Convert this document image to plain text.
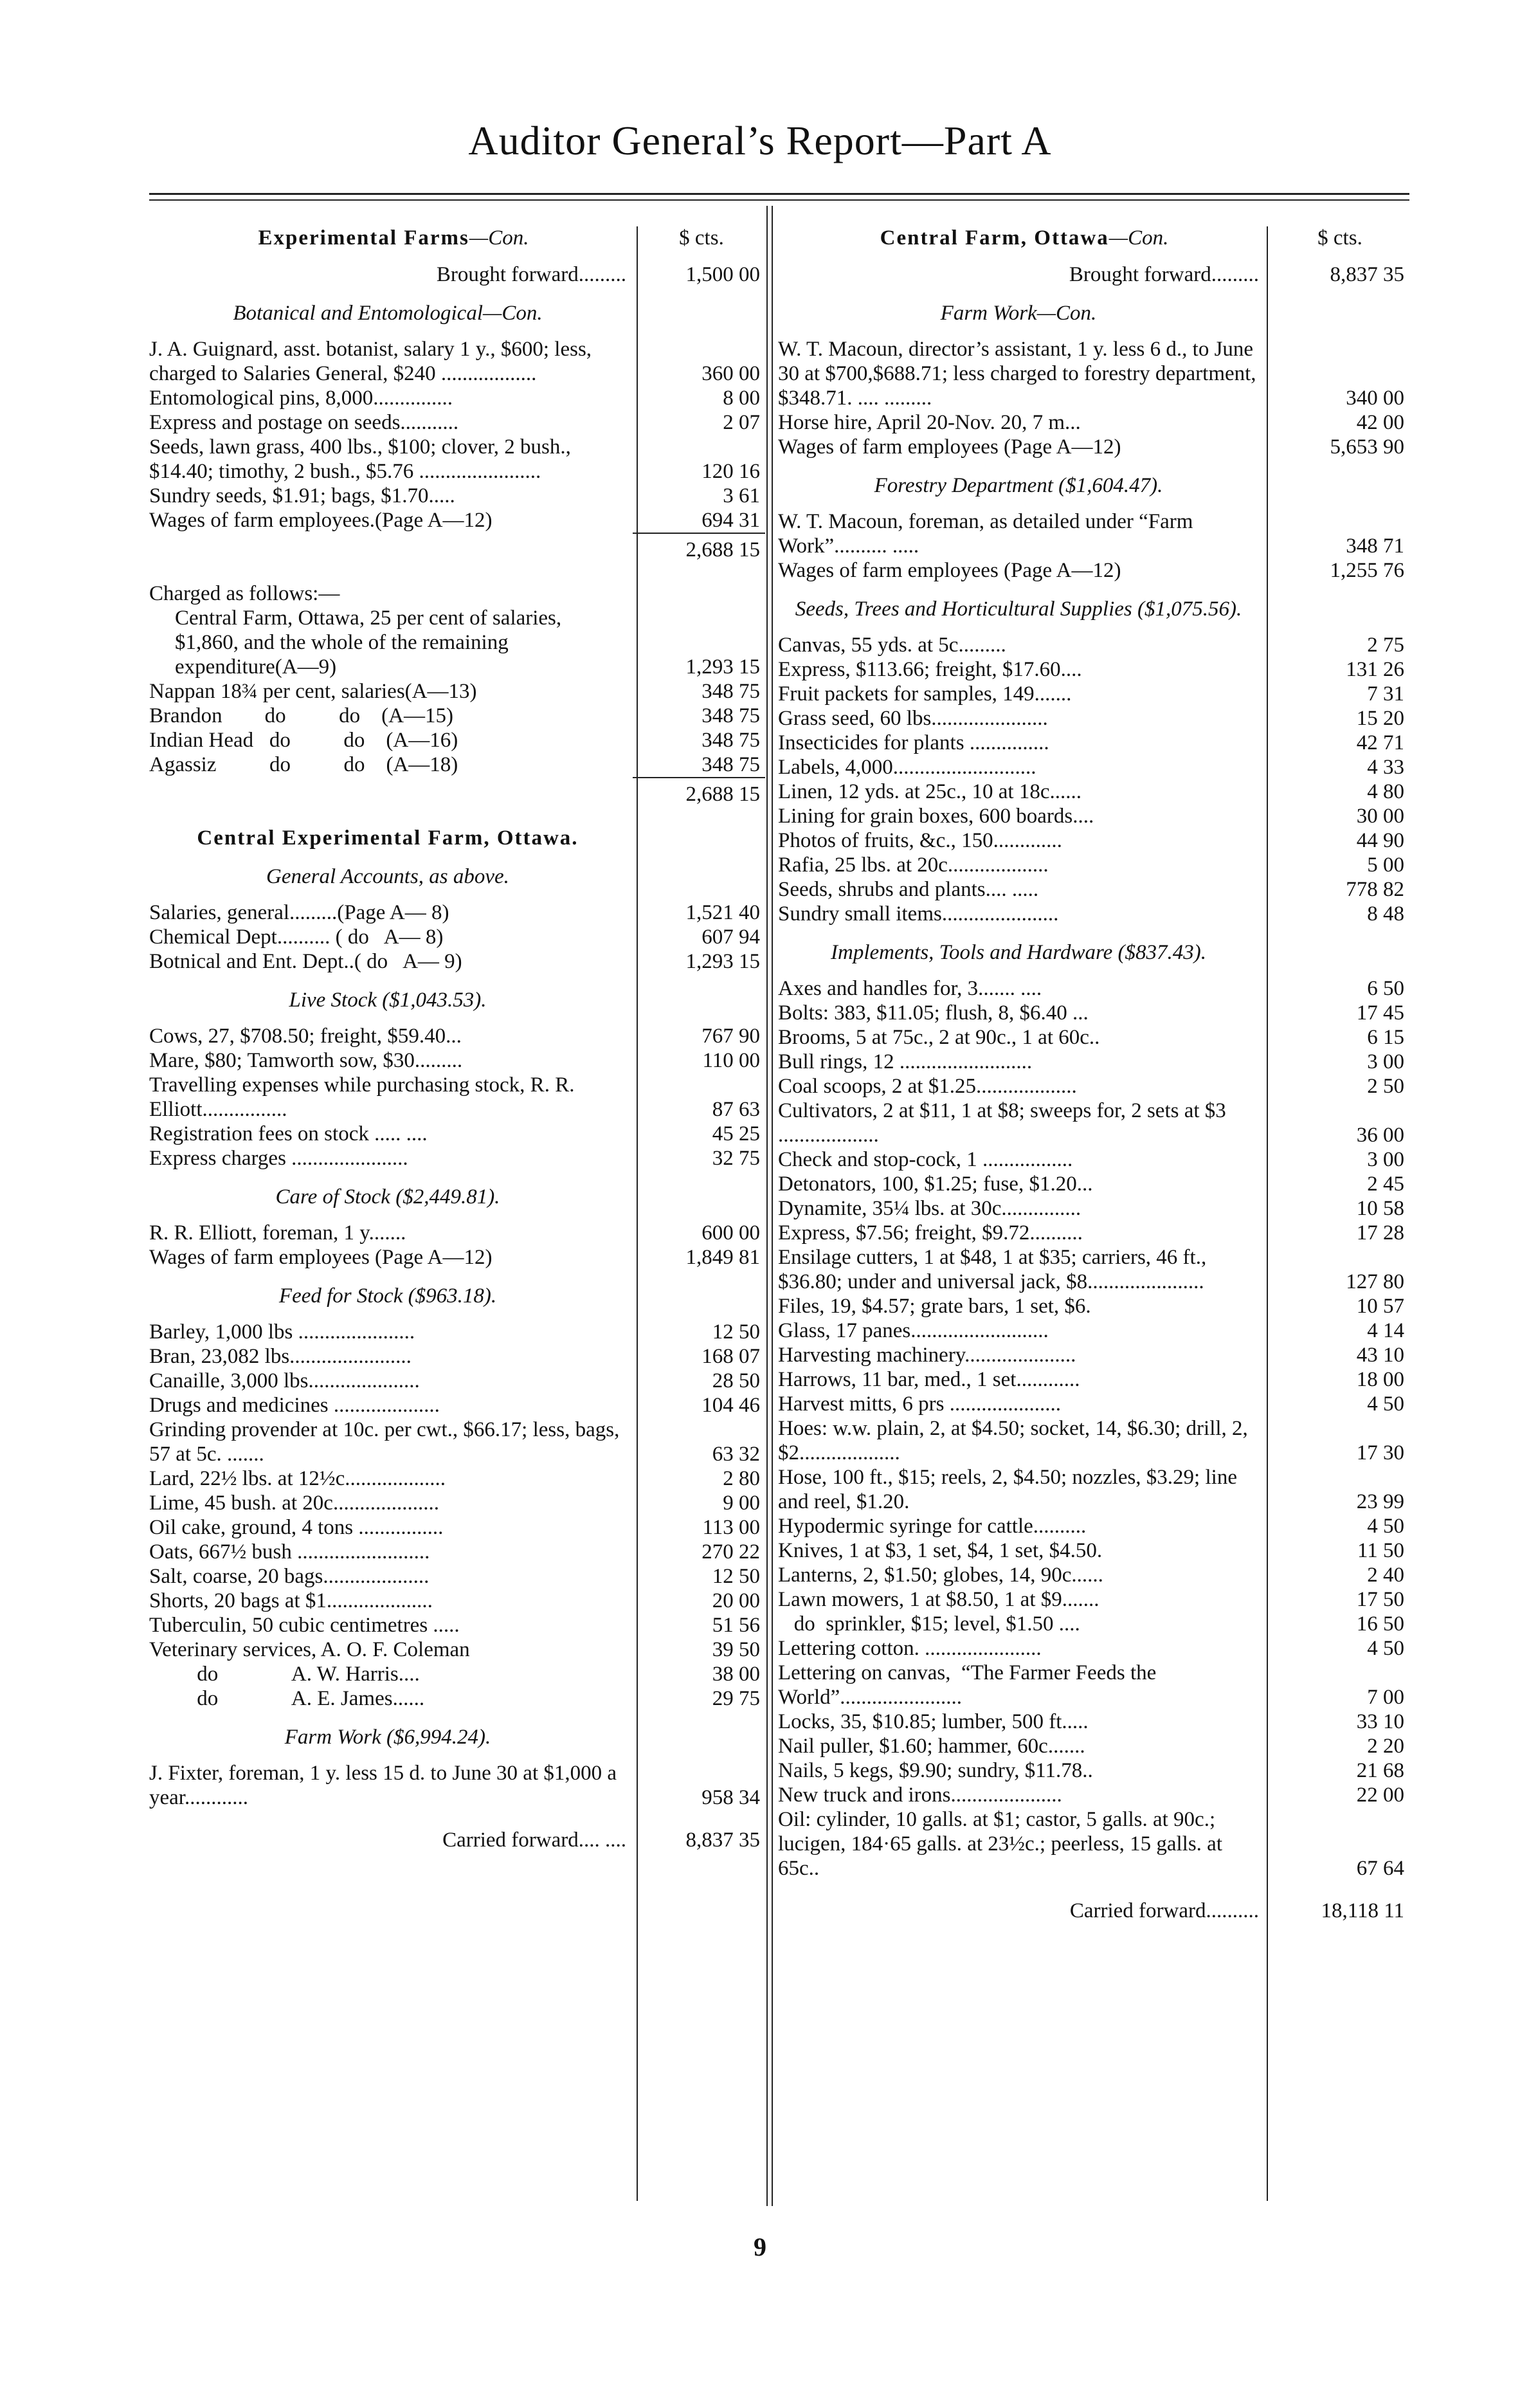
Auditor General’s Report—Part A
Experimental Farms—Con.	$ cts.
Brought forward.........	1,500 00
Botanical and Entomological—Con.
J. A. Guignard, asst. botanist, salary 1 y., $600; less, charged to Salaries General, $240 ..................	360 00
Entomological pins, 8,000...............	8 00
Express and postage on seeds...........	2 07
Seeds, lawn grass, 400 lbs., $100; clover, 2 bush., $14.40; timothy, 2 bush., $5.76 .......................	120 16
Sundry seeds, $1.91; bags, $1.70.....	3 61
Wages of farm employees.(Page A—12)	694 31
2,688 15
Charged as follows:—
Central Farm, Ottawa, 25 per cent of salaries, $1,860, and the whole of the remaining expenditure(A—9)	1,293 15
Nappan 18¾ per cent, salaries(A—13)	348 75
Brandon        do          do    (A—15)	348 75
Indian Head   do          do    (A—16)	348 75
Agassiz          do          do    (A—18)	348 75
2,688 15
Central Experimental Farm, Ottawa.
General Accounts, as above.
Salaries, general.........(Page A— 8)	1,521 40
Chemical Dept.......... ( do   A— 8)	607 94
Botnical and Ent. Dept..( do   A— 9)	1,293 15
Live Stock ($1,043.53).
Cows, 27, $708.50; freight, $59.40...	767 90
Mare, $80; Tamworth sow, $30.........	110 00
Travelling expenses while purchasing stock, R. R. Elliott................	87 63
Registration fees on stock ..... ....	45 25
Express charges ......................	32 75
Care of Stock ($2,449.81).
R. R. Elliott, foreman, 1 y.......	600 00
Wages of farm employees (Page A—12)	1,849 81
Feed for Stock ($963.18).
Barley, 1,000 lbs ......................	12 50
Bran, 23,082 lbs.......................	168 07
Canaille, 3,000 lbs.....................	28 50
Drugs and medicines ....................	104 46
Grinding provender at 10c. per cwt., $66.17; less, bags, 57 at 5c. .......	63 32
Lard, 22½ lbs. at 12½c...................	2 80
Lime, 45 bush. at 20c....................	9 00
Oil cake, ground, 4 tons ................	113 00
Oats, 667½ bush .........................	270 22
Salt, coarse, 20 bags....................	12 50
Shorts, 20 bags at $1....................	20 00
Tuberculin, 50 cubic centimetres .....	51 56
Veterinary services, A. O. F. Coleman	39 50
do              A. W. Harris....	38 00
do              A. E. James......	29 75
Farm Work ($6,994.24).
J. Fixter, foreman, 1 y. less 15 d. to June 30 at $1,000 a year............	958 34
Carried forward.... ....	8,837 35
Central Farm, Ottawa—Con.	$ cts.
Brought forward.........	8,837 35
Farm Work—Con.
W. T. Macoun, director’s assistant, 1 y. less 6 d., to June 30 at $700,$688.71; less charged to forestry department, $348.71. .... .........	340 00
Horse hire, April 20-Nov. 20, 7 m...	42 00
Wages of farm employees (Page A—12)	5,653 90
Forestry Department ($1,604.47).
W. T. Macoun, foreman, as detailed under “Farm Work”.......... .....	348 71
Wages of farm employees (Page A—12)	1,255 76
Seeds, Trees and Horticultural Supplies ($1,075.56).
Canvas, 55 yds. at 5c.........	2 75
Express, $113.66; freight, $17.60....	131 26
Fruit packets for samples, 149.......	7 31
Grass seed, 60 lbs......................	15 20
Insecticides for plants ...............	42 71
Labels, 4,000...........................	4 33
Linen, 12 yds. at 25c., 10 at 18c......	4 80
Lining for grain boxes, 600 boards....	30 00
Photos of fruits, &c., 150.............	44 90
Rafia, 25 lbs. at 20c...................	5 00
Seeds, shrubs and plants.... .....	778 82
Sundry small items......................	8 48
Implements, Tools and Hardware ($837.43).
Axes and handles for, 3....... ....	6 50
Bolts: 383, $11.05; flush, 8, $6.40 ...	17 45
Brooms, 5 at 75c., 2 at 90c., 1 at 60c..	6 15
Bull rings, 12 .........................	3 00
Coal scoops, 2 at $1.25...................	2 50
Cultivators, 2 at $11, 1 at $8; sweeps for, 2 sets at $3 ...................	36 00
Check and stop-cock, 1 .................	3 00
Detonators, 100, $1.25; fuse, $1.20...	2 45
Dynamite, 35¼ lbs. at 30c...............	10 58
Express, $7.56; freight, $9.72..........	17 28
Ensilage cutters, 1 at $48, 1 at $35; carriers, 46 ft., $36.80; under and universal jack, $8......................	127 80
Files, 19, $4.57; grate bars, 1 set, $6.	10 57
Glass, 17 panes..........................	4 14
Harvesting machinery.....................	43 10
Harrows, 11 bar, med., 1 set............	18 00
Harvest mitts, 6 prs .....................	4 50
Hoes: w.w. plain, 2, at $4.50; socket, 14, $6.30; drill, 2, $2...................	17 30
Hose, 100 ft., $15; reels, 2, $4.50; nozzles, $3.29; line and reel, $1.20.	23 99
Hypodermic syringe for cattle..........	4 50
Knives, 1 at $3, 1 set, $4, 1 set, $4.50.	11 50
Lanterns, 2, $1.50; globes, 14, 90c......	2 40
Lawn mowers, 1 at $8.50, 1 at $9.......	17 50
do  sprinkler, $15; level, $1.50 ....	16 50
Lettering cotton. ......................	4 50
Lettering on canvas,  “The Farmer Feeds the World”.......................	7 00
Locks, 35, $10.85; lumber, 500 ft.....	33 10
Nail puller, $1.60; hammer, 60c.......	2 20
Nails, 5 kegs, $9.90; sundry, $11.78..	21 68
New truck and irons.....................	22 00
Oil: cylinder, 10 galls. at $1; castor, 5 galls. at 90c.; lucigen, 184·65 galls. at 23½c.; peerless, 15 galls. at 65c..	67 64
Carried forward..........	18,118 11
9
